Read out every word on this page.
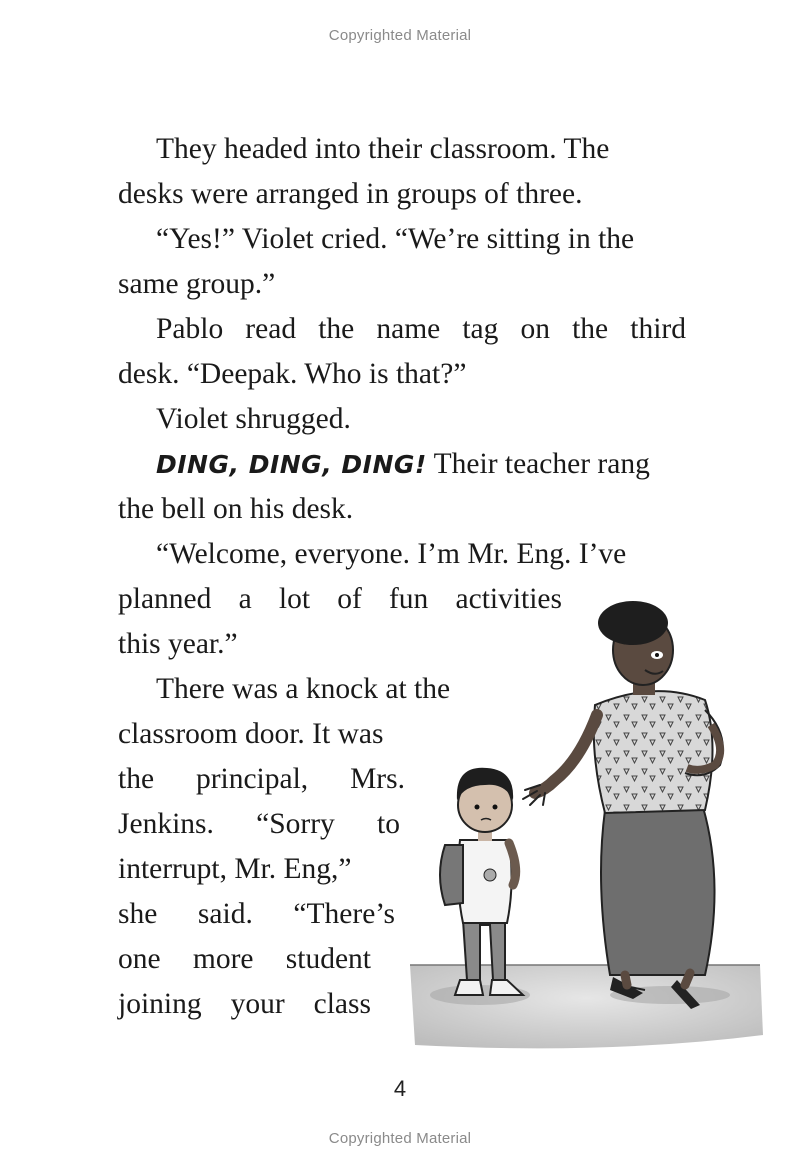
Copyrighted Material
They headed into their classroom. The
desks were arranged in groups of three.
“Yes!” Violet cried. “We’re sitting in the
same group.”
Pablo read the name tag on the third
desk. “Deepak. Who is that?”
Violet shrugged.
DING, DING, DING! Their teacher rang
the bell on his desk.
“Welcome, everyone. I’m Mr. Eng. I’ve
planned a lot of fun activities
this year.”
There was a knock at the
classroom door. It was
the principal, Mrs.
Jenkins. “Sorry to
interrupt, Mr. Eng,”
she said. “There’s
one more student
joining your class
4
Copyrighted Material
